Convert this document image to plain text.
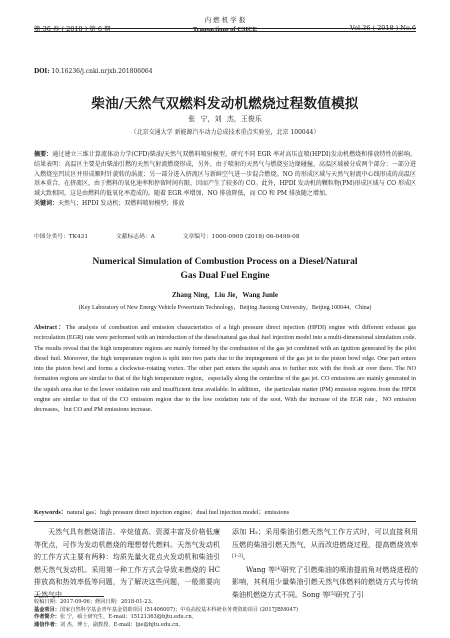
第 36 卷 ( 2018 ) 第 6 期
内 燃 机 学 报
Transactions of CSICE	Vol.36 ( 2018 ) No.6
DOI: 10.16236/j.cnki.nrjxb.201806064
柴油/天然气双燃料发动机燃烧过程数值模拟
张 宁，刘 杰，王俊乐
（北京交通大学 新能源汽车动力总成技术重点实验室，北京 100044）
摘要：通过建立三维计算流体动力学(CFD)柴油/天然气双燃料喷射模型，研究不同 EGR 率对高压直喷(HPDI)发动机燃烧和排放特性的影响。结果表明：高温区主要是由柴油引燃的天然气射流燃烧形成，另外，由于喷射的天然气与燃烧室边缘碰撞，高温区域被分成两个部分：一部分进入燃烧室凹坑区并形成顺时针旋转的涡流；另一部分进入挤流区与新鲜空气进一步混合燃烧。NO 的形成区域与天然气射流中心线形成的高温区基本重合，在挤流区，由于燃料的氧化速率和停留时间有限，因而产生了较多的 CO。此外，HPDI 发动机的颗粒物(PM)形成区域与 CO 形成区域大致相同，这是由燃料的低氧化率造成的。随着 EGR 率增加，NO 排放降低，而 CO 和 PM 排放随之增加。
关键词：天然气；HPDI 发动机；双燃料喷射模型；排放
中图分类号：TK431	文献标志码：A	文章编号：1000-0909 (2018) 06-0499-08
Numerical Simulation of Combustion Process on a Diesel/Natural
Gas Dual Fuel Engine
Zhang Ning，Liu Jie，Wang Junle
(Key Laboratory of New Energy Vehicle Powertrain Technology，Beijing Jiaotong University，Beijing 100044，China)
Abstract：The analysis of combustion and emission characteristics of a high pressure direct injection (HPDI) engine with different exhaust gas recirculation (EGR) rate were performed with an introduction of the diesel/natural gas dual fuel injection model into a multi-dimensional simulation code. The results reveal that the high temperature regions are mainly formed by the combustion of the gas jet combined with an ignition generated by the pilot diesel fuel. Moreover, the high temperature region is split into two parts due to the impingement of the gas jet to the piston bowl edge. One part enters into the piston bowl and forms a clockwise-rotating vortex. The other part enters the squish area to further mix with the fresh air over there. The NO formation regions are similar to that of the high temperature region，especially along the centerline of the gas jet. CO emissions are mainly generated in the squish area due to the lower oxidation rate and insufficient time available. In addition，the particulate matter (PM) emission regions from the HPDI engine are similar to that of the CO emission region due to the low oxidation rate of the soot. With the increase of the EGR rate，NO emission decreases，but CO and PM emissions increase.
Keywords：natural gas；high pressure direct injection engine；dual fuel injection model；emissions

天然气具有燃烧清洁、辛烷值高、资源丰富及价格低廉等优点，可作为发动机燃烧的理想替代燃料。天然气发动机的工作方式主要有两种：均质先量火花点火发动机和柴油引燃天然气发动机。采用第一种工作方式会导致未燃烧的 HC 排放高和热效率低等问题，为了解决这些问题，一般需要向天然气中

添加 H₂；采用柴油引燃天然气工作方式时，可以直接利用压燃的柴油引燃天然气，从而改进燃烧过程，提高燃烧效率[1-3]。

Wang 等[4]研究了引燃柴油的喷油提前角对燃烧进程的影响，其利用少量柴油引燃天然气体燃料的燃烧方式与传统柴油机燃烧方式不同。Song 等[5]研究了引

收稿日期：2017-09-06；修回日期：2018-01-23。
基金项目：国家自然科学基金青年基金资助项目 (51406007)；中央高校基本科研业务费资助项目 (2017JBM047)
作者简介：张 宁，硕士研究生，E-mail：15121363@bjtu.edu.cn。
通信作者：刘 杰，博士，副教授，E-mail：ljie@bjtu.edu.cn。
